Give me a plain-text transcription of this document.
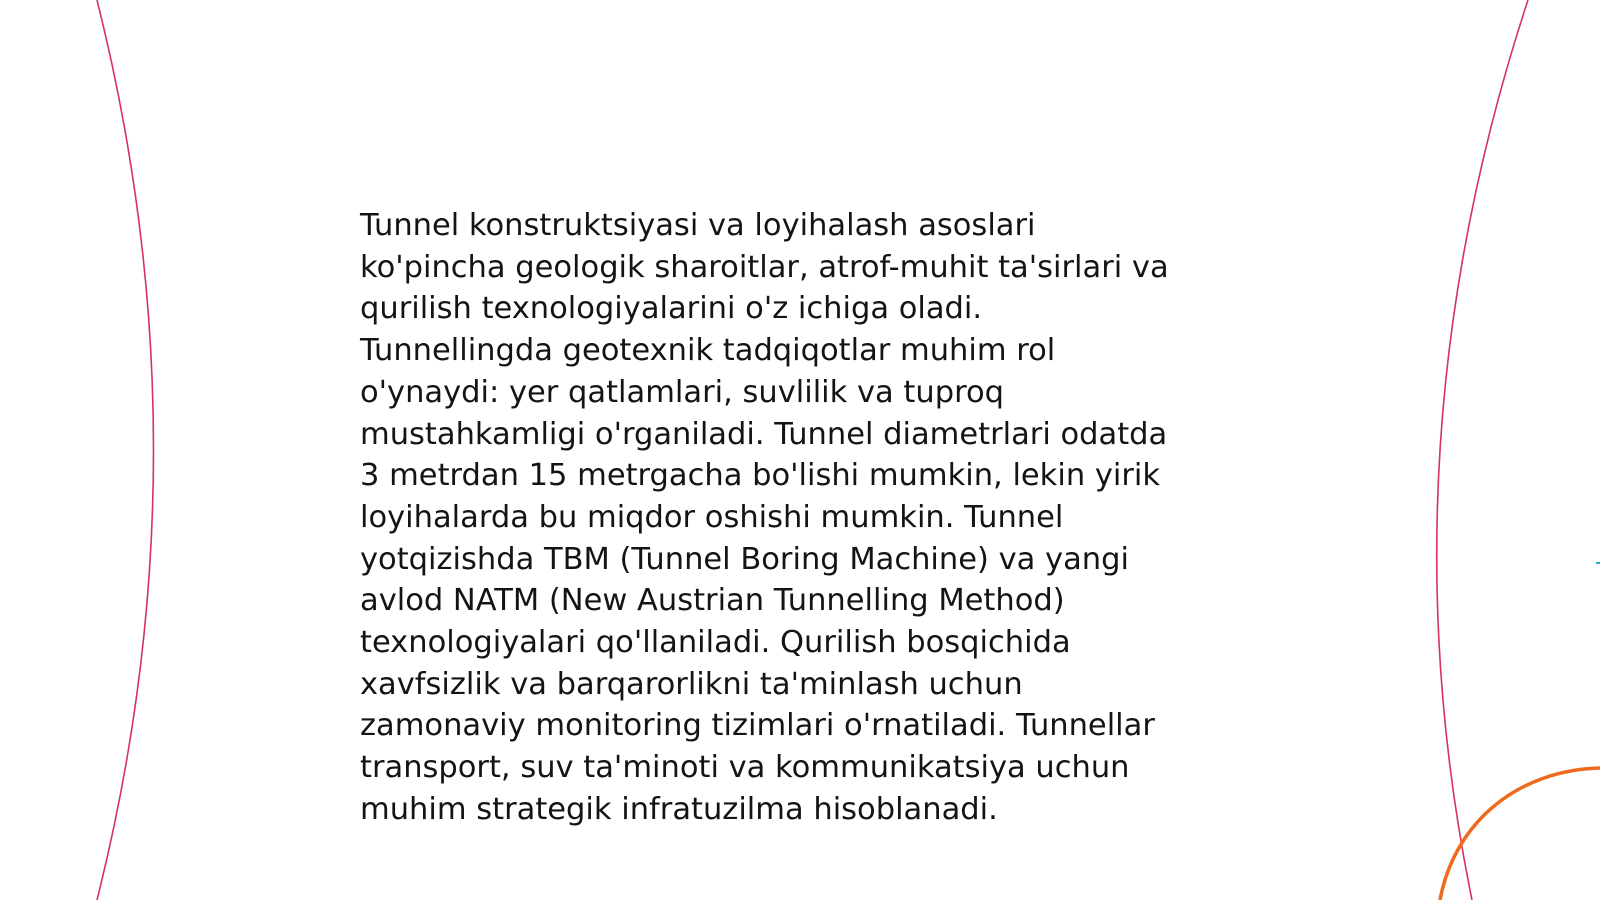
Tunnel konstruktsiyasi va loyihalash asoslari
ko'pincha geologik sharoitlar, atrof-muhit ta'sirlari va
qurilish texnologiyalarini o'z ichiga oladi.
Tunnellingda geotexnik tadqiqotlar muhim rol
o'ynaydi: yer qatlamlari, suvlilik va tuproq
mustahkamligi o'rganiladi. Tunnel diametrlari odatda
3 metrdan 15 metrgacha bo'lishi mumkin, lekin yirik
loyihalarda bu miqdor oshishi mumkin. Tunnel
yotqizishda TBM (Tunnel Boring Machine) va yangi
avlod NATM (New Austrian Tunnelling Method)
texnologiyalari qo'llaniladi. Qurilish bosqichida
xavfsizlik va barqarorlikni ta'minlash uchun
zamonaviy monitoring tizimlari o'rnatiladi. Tunnellar
transport, suv ta'minoti va kommunikatsiya uchun
muhim strategik infratuzilma hisoblanadi.
